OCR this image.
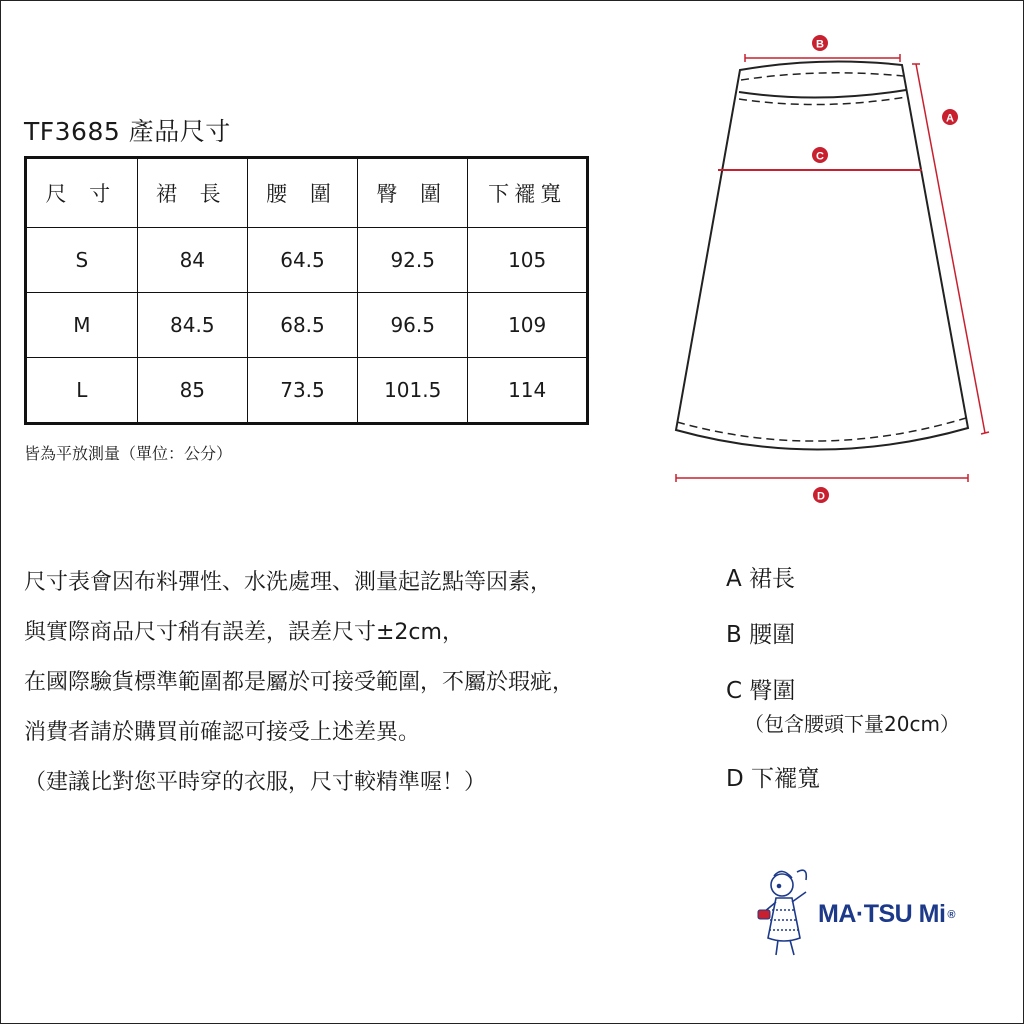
TF3685 產品尺寸
尺 寸	裙 長	腰 圍	臀 圍	下襬寬
S	84	64.5	92.5	105
M	84.5	68.5	96.5	109
L	85	73.5	101.5	114
皆為平放測量（單位：公分）
B
C
A
D
尺寸表會因布料彈性、水洗處理、測量起訖點等因素，
與實際商品尺寸稍有誤差，誤差尺寸±2cm，
在國際驗貨標準範圍都是屬於可接受範圍，不屬於瑕疵，
消費者請於購買前確認可接受上述差異。
（建議比對您平時穿的衣服，尺寸較精準喔！）
A 裙長
B 腰圍
C 臀圍
（包含腰頭下量20cm）
D 下襬寬
MA·TSU Mi ®
